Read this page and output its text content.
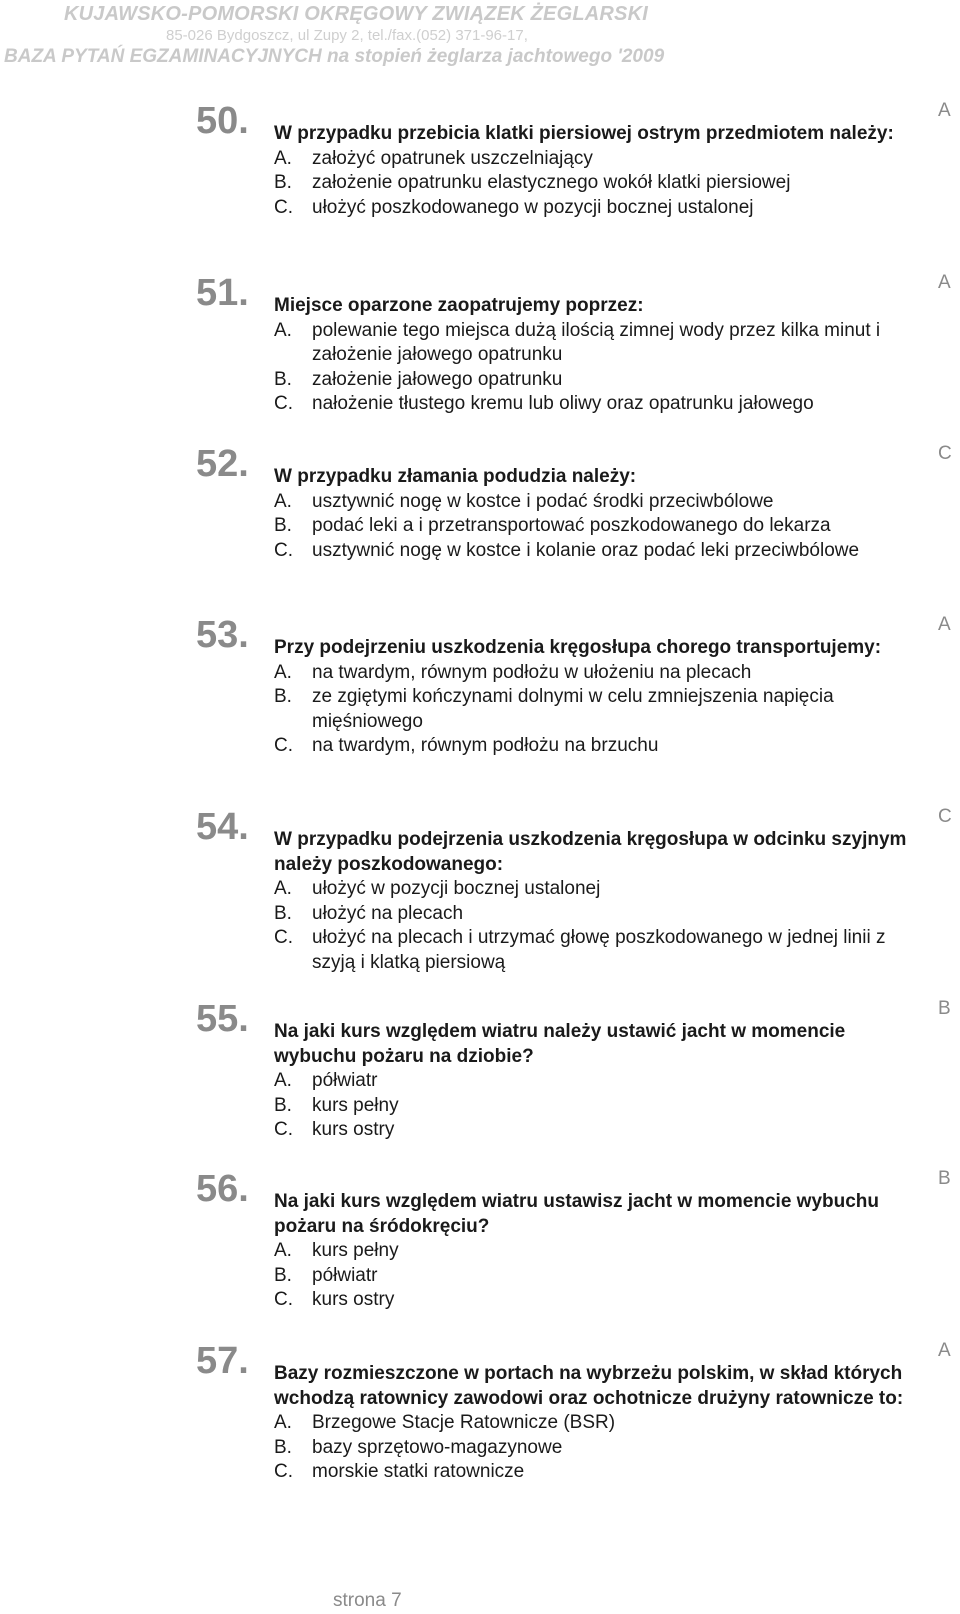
KUJAWSKO-POMORSKI OKRĘGOWY ZWIĄZEK ŻEGLARSKI
85-026 Bydgoszcz, ul Zupy 2, tel./fax.(052) 371-96-17,
BAZA PYTAŃ EGZAMINACYJNYCH na stopień żeglarza jachtowego '2009
50.	A

W przypadku przebicia klatki piersiowej ostrym przedmiotem należy:

A.	założyć opatrunek uszczelniający
B.	założenie opatrunku elastycznego wokół klatki piersiowej
C.	ułożyć poszkodowanego w pozycji bocznej ustalonej
51.	A

Miejsce oparzone zaopatrujemy poprzez:

A.	polewanie tego miejsca dużą ilością zimnej wody przez kilka minut i założenie jałowego opatrunku
B.	założenie jałowego opatrunku
C.	nałożenie tłustego kremu lub oliwy oraz opatrunku jałowego
52.	C

W przypadku złamania podudzia należy:

A.	usztywnić nogę w kostce i podać środki przeciwbólowe
B.	podać leki a i przetransportować poszkodowanego do lekarza
C.	usztywnić nogę w kostce i kolanie oraz podać leki przeciwbólowe
53.	A

Przy podejrzeniu uszkodzenia kręgosłupa chorego transportujemy:

A.	na twardym, równym podłożu w ułożeniu na plecach
B.	ze zgiętymi kończynami dolnymi w celu zmniejszenia napięcia mięśniowego
C.	na twardym, równym podłożu na brzuchu
54.	C

W przypadku podejrzenia uszkodzenia kręgosłupa w odcinku szyjnym należy poszkodowanego:

A.	ułożyć w pozycji bocznej ustalonej
B.	ułożyć na plecach
C.	ułożyć na plecach i utrzymać głowę poszkodowanego w jednej linii z szyją i klatką piersiową
55.	B

Na jaki kurs względem wiatru należy ustawić jacht w momencie wybuchu pożaru na dziobie?

A.	półwiatr
B.	kurs pełny
C.	kurs ostry
56.	B

Na jaki kurs względem wiatru ustawisz jacht w momencie wybuchu pożaru na śródokręciu?

A.	kurs pełny
B.	półwiatr
C.	kurs ostry
57.	A

Bazy rozmieszczone w portach na wybrzeżu polskim, w skład których wchodzą ratownicy zawodowi oraz ochotnicze drużyny ratownicze to:

A.	Brzegowe Stacje Ratownicze (BSR)
B.	bazy sprzętowo-magazynowe
C.	morskie statki ratownicze
strona 7
